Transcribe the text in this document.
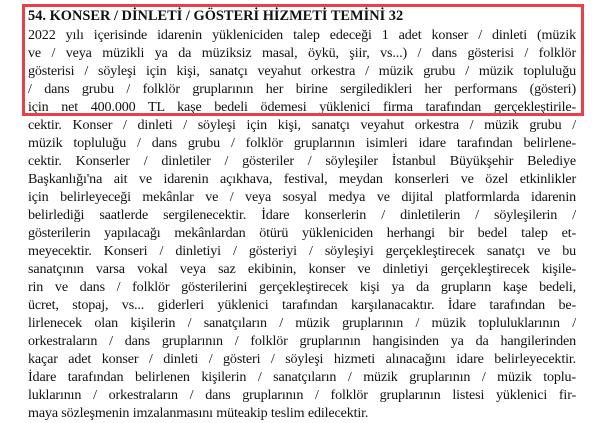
54. KONSER / DİNLETİ / GÖSTERİ HİZMETİ TEMİNİ 32
2022 yılı içerisinde idarenin yükleniciden talep edeceği 1 adet konser / dinleti (müzik
ve / veya müzikli ya da müziksiz masal, öykü, şiir, vs...) / dans gösterisi / folklör
gösterisi / söyleşi için kişi, sanatçı veyahut orkestra / müzik grubu / müzik topluluğu
/ dans grubu / folklör gruplarının her birine sergiledikleri her performans (gösteri)
için net 400.000 TL kaşe bedeli ödemesi yüklenici firma tarafından gerçekleştirile-
cektir. Konser / dinleti / söyleşi için kişi, sanatçı veyahut orkestra / müzik grubu /
müzik topluluğu / dans grubu / folklör gruplarının isimleri idare tarafından belirlene-
cektir. Konserler / dinletiler / gösteriler / söyleşiler İstanbul Büyükşehir Belediye
Başkanlığı'na ait ve idarenin açıkhava, festival, meydan konserleri ve özel etkinlikler
için belirleyeceği mekânlar ve / veya sosyal medya ve dijital platformlarda idarenin
belirlediği saatlerde sergilenecektir. İdare konserlerin / dinletilerin / söyleşilerin /
gösterilerin yapılacağı mekânlardan ötürü yükleniciden herhangi bir bedel talep et-
meyecektir. Konseri / dinletiyi / gösteriyi / söyleşiyi gerçekleştirecek sanatçı ve bu
sanatçının varsa vokal veya saz ekibinin, konser ve dinletiyi gerçekleştirecek kişile-
rin ve dans / folklör gösterilerini gerçekleştirecek kişi ya da grupların kaşe bedeli,
ücret, stopaj, vs... giderleri yüklenici tarafından karşılanacaktır. İdare tarafından be-
lirlenecek olan kişilerin / sanatçıların / müzik gruplarının / müzik topluluklarının /
orkestraların / dans gruplarının / folklör gruplarının hangisinden ya da hangilerinden
kaçar adet konser / dinleti / gösteri / söyleşi hizmeti alınacağını idare belirleyecektir.
İdare tarafından belirlenen kişilerin / sanatçıların / müzik gruplarının / müzik toplu-
luklarının / orkestraların / dans gruplarının / folklör gruplarının listesi yüklenici fir-
maya sözleşmenin imzalanmasını müteakip teslim edilecektir.
